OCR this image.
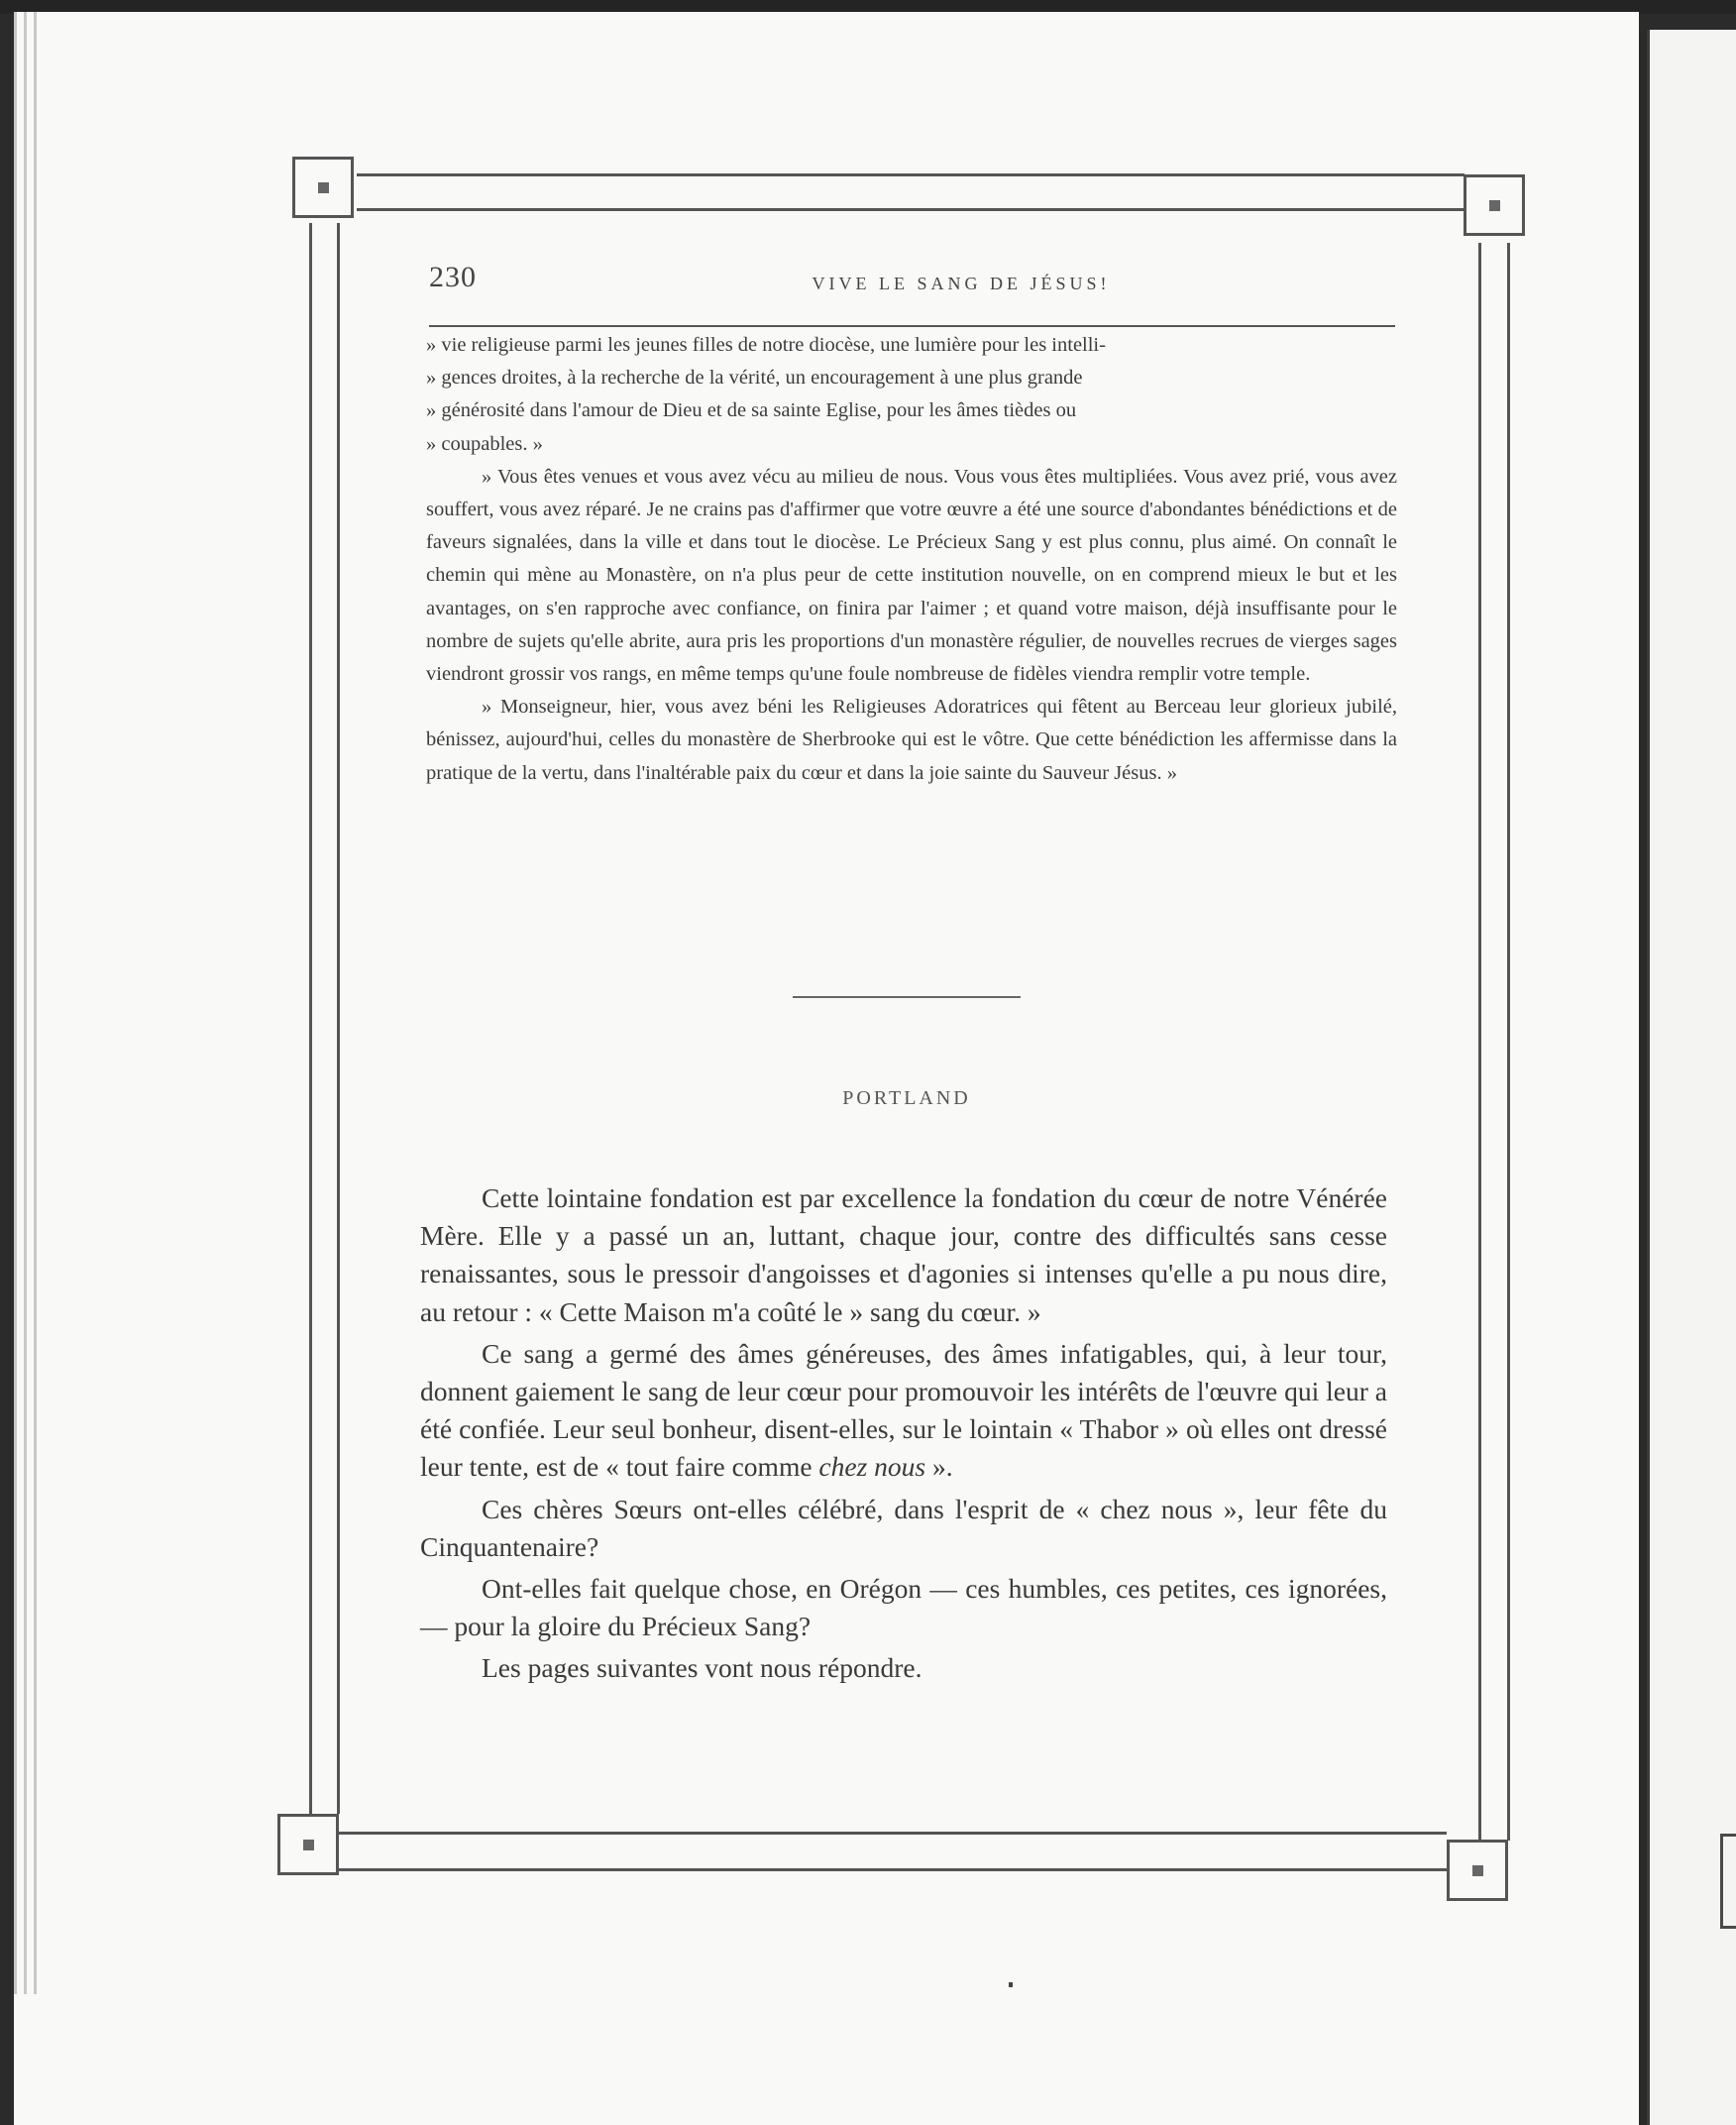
230	VIVE LE SANG DE JÉSUS!

» vie religieuse parmi les jeunes filles de notre diocèse, une lumière pour les intelli-

» gences droites, à la recherche de la vérité, un encouragement à une plus grande

» générosité dans l'amour de Dieu et de sa sainte Eglise, pour les âmes tièdes ou

» coupables. »

» Vous êtes venues et vous avez vécu au milieu de nous. Vous vous êtes multipliées. Vous avez prié, vous avez souffert, vous avez réparé. Je ne crains pas d'affirmer que votre œuvre a été une source d'abondantes bénédictions et de faveurs signalées, dans la ville et dans tout le diocèse. Le Précieux Sang y est plus connu, plus aimé. On connaît le chemin qui mène au Monastère, on n'a plus peur de cette institution nouvelle, on en comprend mieux le but et les avantages, on s'en rapproche avec confiance, on finira par l'aimer ; et quand votre maison, déjà insuffisante pour le nombre de sujets qu'elle abrite, aura pris les proportions d'un monastère régulier, de nouvelles recrues de vierges sages viendront grossir vos rangs, en même temps qu'une foule nombreuse de fidèles viendra remplir votre temple.

» Monseigneur, hier, vous avez béni les Religieuses Adoratrices qui fêtent au Berceau leur glorieux jubilé, bénissez, aujourd'hui, celles du monastère de Sherbrooke qui est le vôtre. Que cette bénédiction les affermisse dans la pratique de la vertu, dans l'inaltérable paix du cœur et dans la joie sainte du Sauveur Jésus. »

PORTLAND

Cette lointaine fondation est par excellence la fondation du cœur de notre Vénérée Mère. Elle y a passé un an, luttant, chaque jour, contre des difficultés sans cesse renaissantes, sous le pressoir d'angoisses et d'agonies si intenses qu'elle a pu nous dire, au retour : « Cette Maison m'a coûté le » sang du cœur. »

Ce sang a germé des âmes généreuses, des âmes infatigables, qui, à leur tour, donnent gaiement le sang de leur cœur pour promouvoir les intérêts de l'œuvre qui leur a été confiée. Leur seul bonheur, disent-elles, sur le lointain « Thabor » où elles ont dressé leur tente, est de « tout faire comme chez nous ».

Ces chères Sœurs ont-elles célébré, dans l'esprit de « chez nous », leur fête du Cinquantenaire?

Ont-elles fait quelque chose, en Orégon — ces humbles, ces petites, ces ignorées, — pour la gloire du Précieux Sang?

Les pages suivantes vont nous répondre.
